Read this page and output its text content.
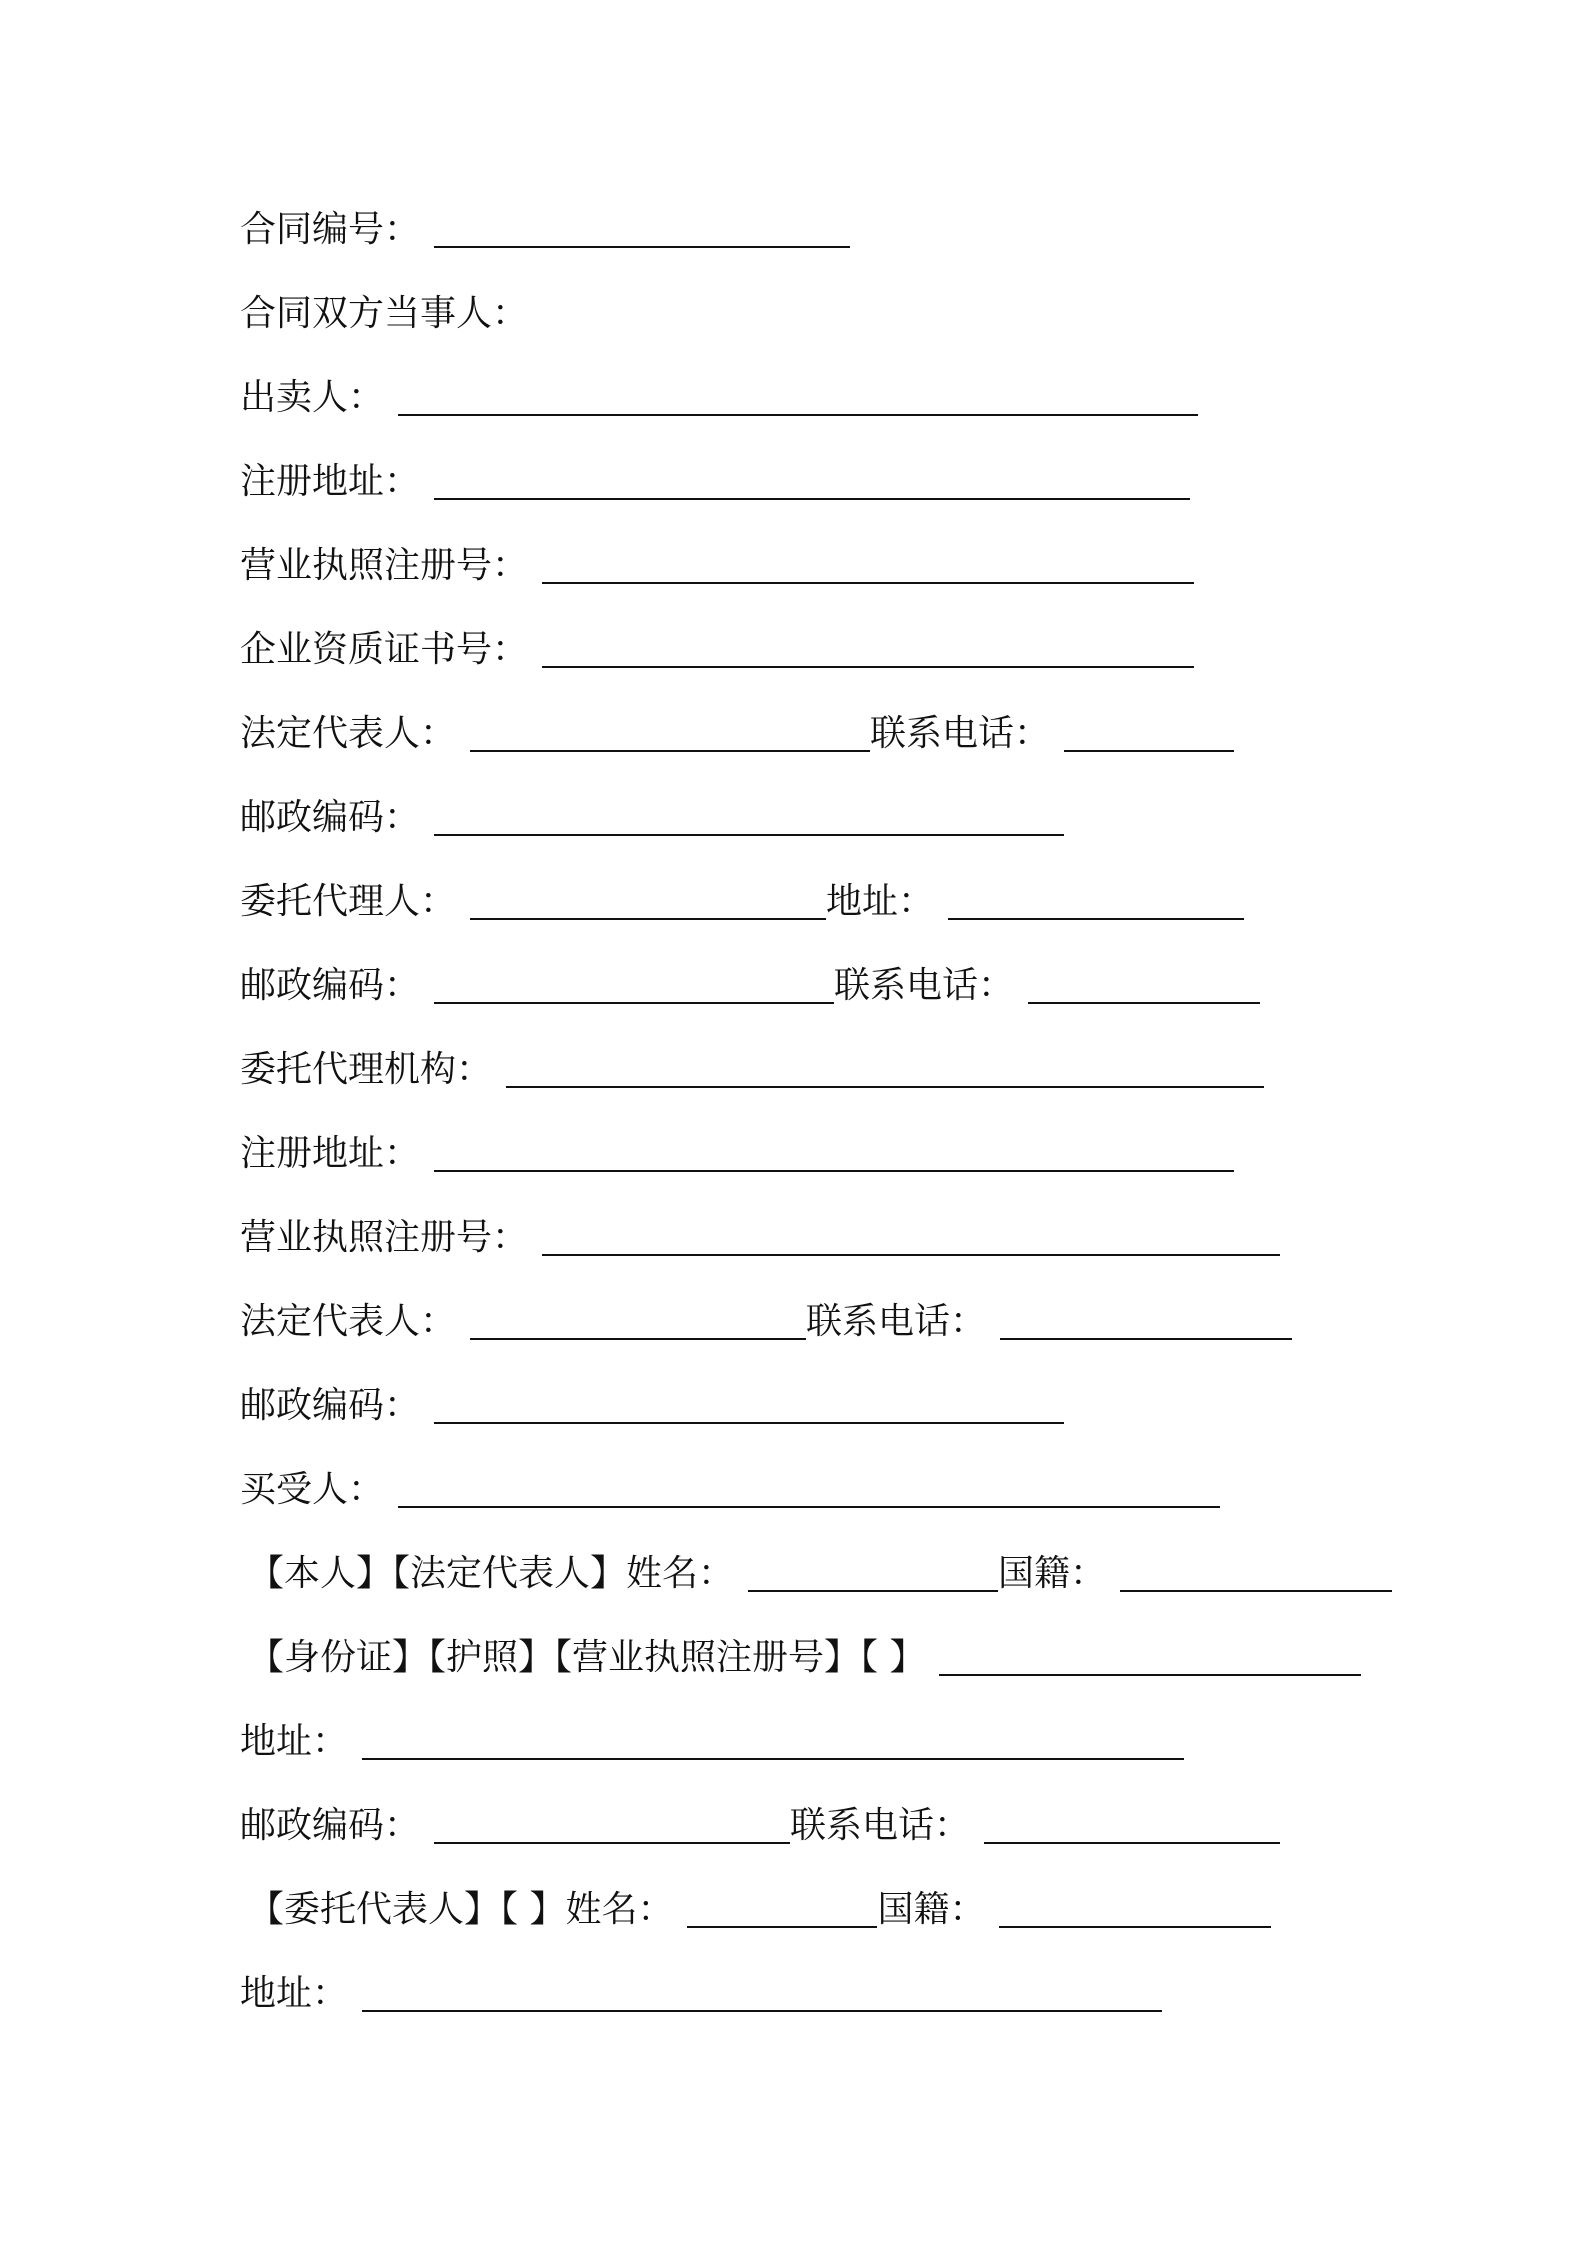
合同编号：
合同双方当事人：
出卖人：
注册地址：
营业执照注册号：
企业资质证书号：
法定代表人：	联系电话：
邮政编码：
委托代理人：	地址：
邮政编码：	联系电话：
委托代理机构：
注册地址：
营业执照注册号：
法定代表人：	联系电话：
邮政编码：
买受人：
【本人】【法定代表人】姓名：	国籍：
【身份证】【护照】【营业执照注册号】【 】
地址：
邮政编码：	联系电话：
【委托代表人】【 】姓名：	国籍：
地址：
